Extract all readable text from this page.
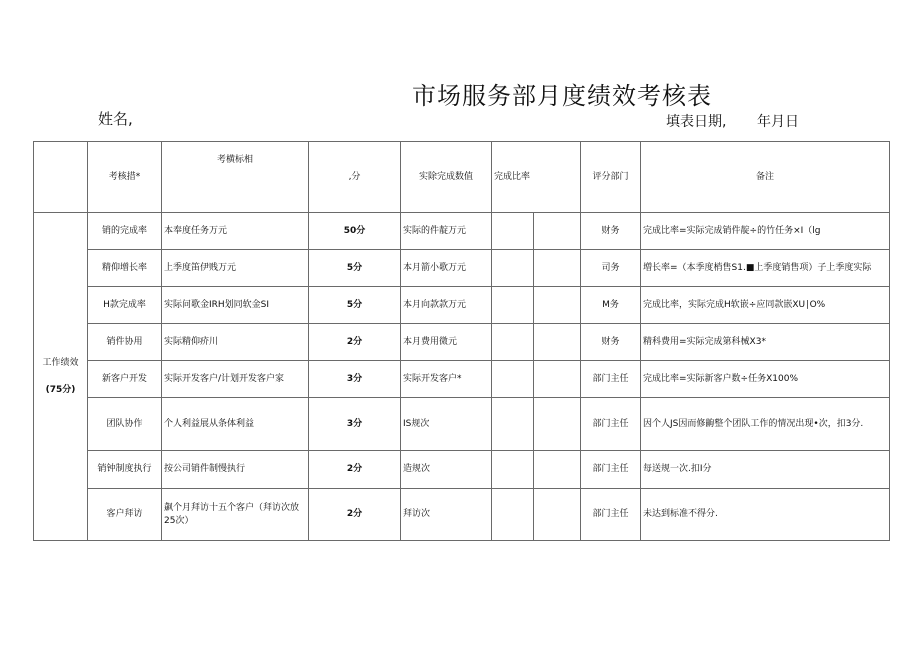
市场服务部月度绩效考核表
姓名,	填表日期, 年月日
	考核措*	考横标相	,分	实除完成数值	完成比率		评分部门	备注

工作绩效
(75分)	销的完成率	本奉度任务万元	50分	实际的件靛万元			财务	完成比率=实际完成销件靛÷的竹任务×I（lg
	精仰增长率	上季度笛伊贱万元	5分	本月箭小歌万元			司务	増长率=（本季度梢售S1.■上季度销售项）子上季度实际
	H款完成率	实际问歌金IRH划同软金SI	5分	本月向款款万元			M务	完成比率，实际完成H软嵌÷应同款嵌XU∣O%
	销件协用	实际精仰疥川	2分	本月费用微元			财务	精科费用=实际完成第科械X3*
	新客户开发	实际开发客户/计划开发客户家	3分	实际开发客户*			部门主任	完成比率=实际新客户数÷任务X100%
	团队协作	个人利益展从条体利益	3分	IS规次			部门主任	因个人JS因而修齣整个团队工作的情况出现•次，扣3分.
	销钟制度执行	按公司销件制慢执行	2分	造规次			部门主任	每送规一次.扣I分
	客户拜访	飙个月拜访十五个客户（拜访次放25次）	2分	拜访次			部门主任	未达到标准不得分.
